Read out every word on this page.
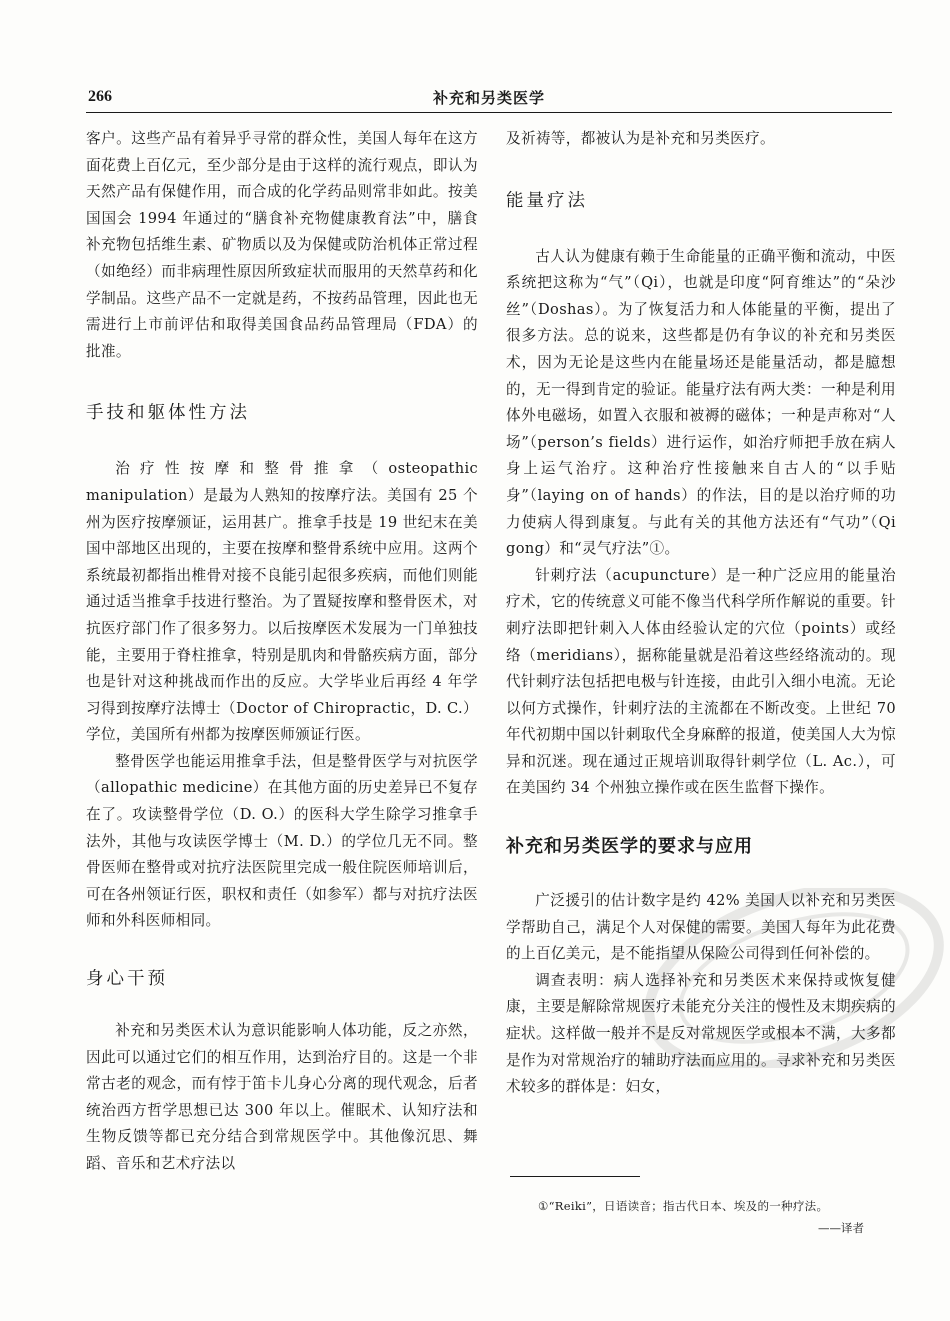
266	补充和另类医学

客户。这些产品有着异乎寻常的群众性，美国人每年在这方面花费上百亿元，至少部分是由于这样的流行观点，即认为天然产品有保健作用，而合成的化学药品则常非如此。按美国国会 1994 年通过的“膳食补充物健康教育法”中，膳食补充物包括维生素、矿物质以及为保健或防治机体正常过程（如绝经）而非病理性原因所致症状而服用的天然草药和化学制品。这些产品不一定就是药，不按药品管理，因此也无需进行上市前评估和取得美国食品药品管理局（FDA）的批准。

手技和躯体性方法

治疗性按摩和整骨推拿（osteopathic manipulation）是最为人熟知的按摩疗法。美国有 25 个州为医疗按摩颁证，运用甚广。推拿手技是 19 世纪末在美国中部地区出现的，主要在按摩和整骨系统中应用。这两个系统最初都指出椎骨对接不良能引起很多疾病，而他们则能通过适当推拿手技进行整治。为了置疑按摩和整骨医术，对抗医疗部门作了很多努力。以后按摩医术发展为一门单独技能，主要用于脊柱推拿，特别是肌肉和骨骼疾病方面，部分也是针对这种挑战而作出的反应。大学毕业后再经 4 年学习得到按摩疗法博士（Doctor of Chiropractic，D. C.）学位，美国所有州都为按摩医师颁证行医。

整骨医学也能运用推拿手法，但是整骨医学与对抗医学（allopathic medicine）在其他方面的历史差异已不复存在了。攻读整骨学位（D. O.）的医科大学生除学习推拿手法外，其他与攻读医学博士（M. D.）的学位几无不同。整骨医师在整骨或对抗疗法医院里完成一般住院医师培训后，可在各州领证行医，职权和责任（如参军）都与对抗疗法医师和外科医师相同。

身心干预

补充和另类医术认为意识能影响人体功能，反之亦然，因此可以通过它们的相互作用，达到治疗目的。这是一个非常古老的观念，而有悖于笛卡儿身心分离的现代观念，后者统治西方哲学思想已达 300 年以上。催眠术、认知疗法和生物反馈等都已充分结合到常规医学中。其他像沉思、舞蹈、音乐和艺术疗法以

及祈祷等，都被认为是补充和另类医疗。

能量疗法

古人认为健康有赖于生命能量的正确平衡和流动，中医系统把这称为“气”（Qi），也就是印度“阿育维达”的“朵沙丝”（Doshas）。为了恢复活力和人体能量的平衡，提出了很多方法。总的说来，这些都是仍有争议的补充和另类医术，因为无论是这些内在能量场还是能量活动，都是臆想的，无一得到肯定的验证。能量疗法有两大类：一种是利用体外电磁场，如置入衣服和被褥的磁体；一种是声称对“人场”（person’s fields）进行运作，如治疗师把手放在病人身上运气治疗。这种治疗性接触来自古人的“以手贴身”（laying on of hands）的作法，目的是以治疗师的功力使病人得到康复。与此有关的其他方法还有“气功”（Qi gong）和“灵气疗法”①。

针刺疗法（acupuncture）是一种广泛应用的能量治疗术，它的传统意义可能不像当代科学所作解说的重要。针刺疗法即把针刺入人体由经验认定的穴位（points）或经络（meridians），据称能量就是沿着这些经络流动的。现代针刺疗法包括把电极与针连接，由此引入细小电流。无论以何方式操作，针刺疗法的主流都在不断改变。上世纪 70 年代初期中国以针刺取代全身麻醉的报道，使美国人大为惊异和沉迷。现在通过正规培训取得针刺学位（L. Ac.），可在美国约 34 个州独立操作或在医生监督下操作。

补充和另类医学的要求与应用

广泛援引的估计数字是约 42% 美国人以补充和另类医学帮助自己，满足个人对保健的需要。美国人每年为此花费的上百亿美元，是不能指望从保险公司得到任何补偿的。

调查表明：病人选择补充和另类医术来保持或恢复健康，主要是解除常规医疗未能充分关注的慢性及末期疾病的症状。这样做一般并不是反对常规医学或根本不满，大多都是作为对常规治疗的辅助疗法而应用的。寻求补充和另类医术较多的群体是：妇女，

①“Reiki”，日语读音；指古代日本、埃及的一种疗法。
——译者
